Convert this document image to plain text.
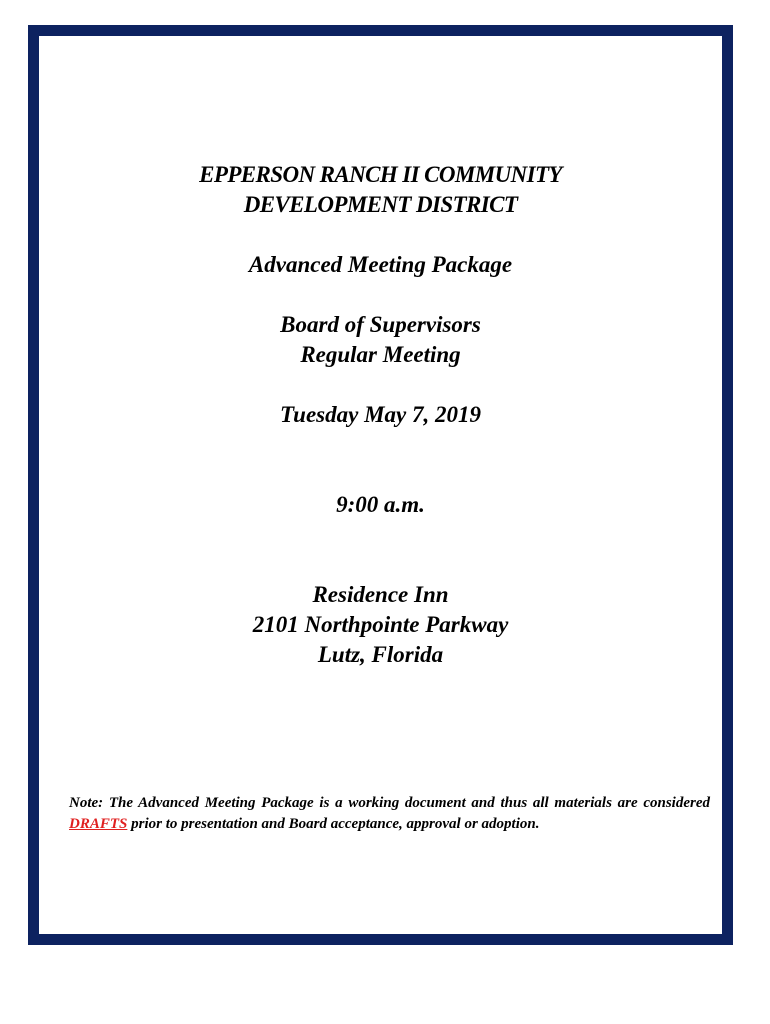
EPPERSON RANCH II COMMUNITY
DEVELOPMENT DISTRICT
Advanced Meeting Package
Board of Supervisors
Regular Meeting
Tuesday May 7, 2019
9:00 a.m.
Residence Inn
2101 Northpointe Parkway
Lutz, Florida
Note: The Advanced Meeting Package is a working document and thus all materials are considered DRAFTS prior to presentation and Board acceptance, approval or adoption.
